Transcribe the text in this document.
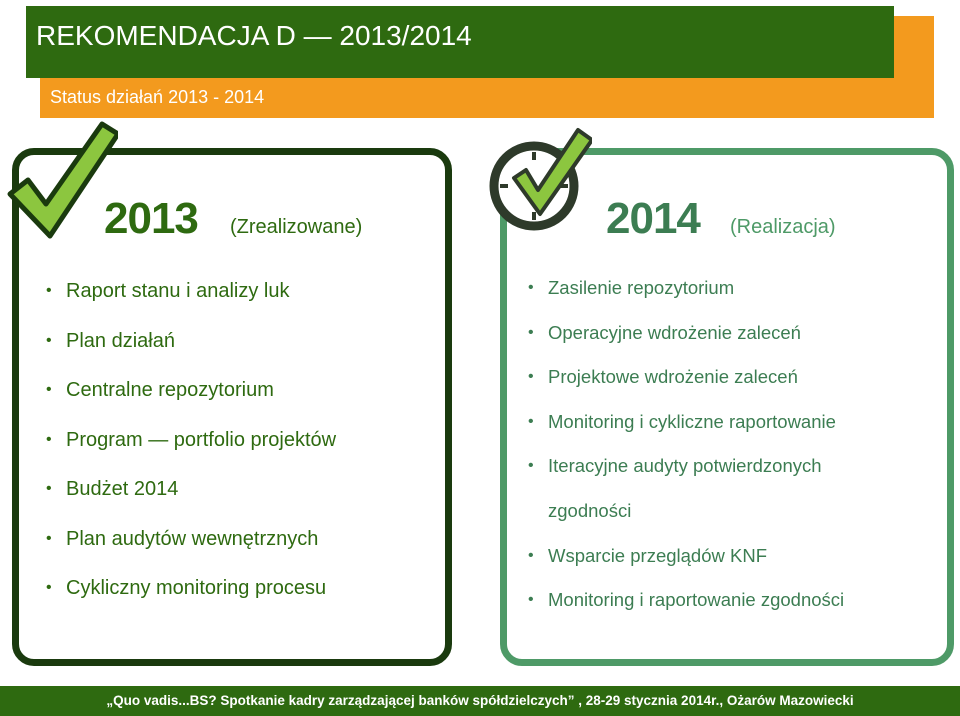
REKOMENDACJA D — 2013/2014
Status działań 2013 - 2014
2013 (Zrealizowane)
• Raport stanu i analizy luk
• Plan działań
• Centralne repozytorium
• Program — portfolio projektów
• Budżet 2014
• Plan audytów wewnętrznych
• Cykliczny monitoring procesu
2014 (Realizacja)
• Zasilenie repozytorium
• Operacyjne wdrożenie zaleceń
• Projektowe wdrożenie zaleceń
• Monitoring i cykliczne raportowanie
• Iteracyjne audyty potwierdzonych
zgodności
• Wsparcie przeglądów KNF
• Monitoring i raportowanie zgodności
„Quo vadis...BS? Spotkanie kadry zarządzającej banków spółdzielczych” , 28-29 stycznia 2014r., Ożarów Mazowiecki
